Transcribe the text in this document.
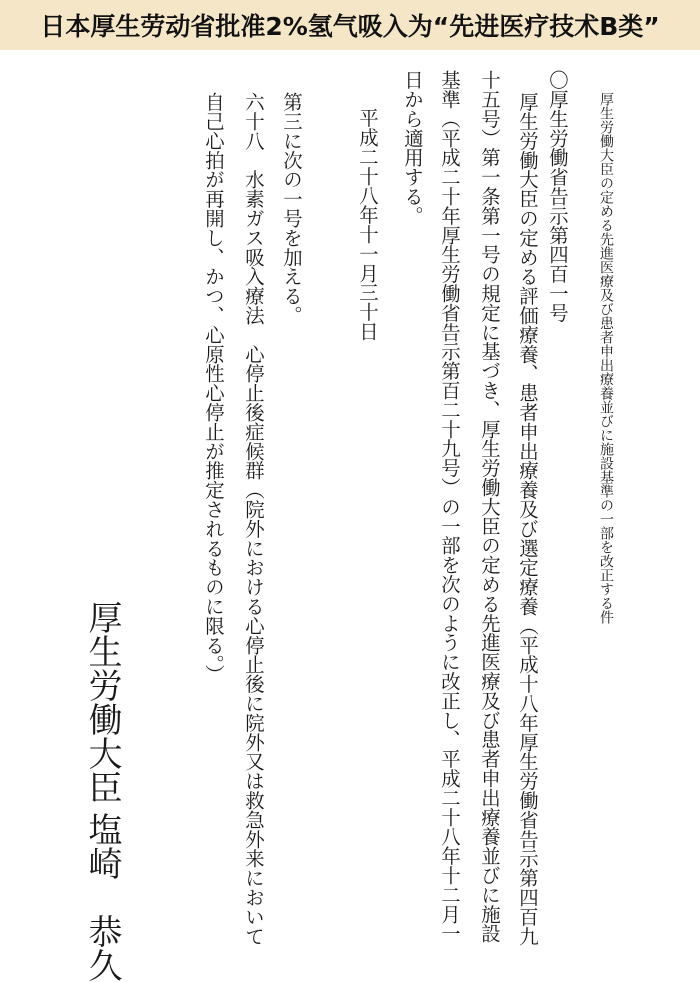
日本厚生劳动省批准2%氢气吸入为“先进医疗技术B类”
厚生労働大臣の定める先進医療及び患者申出療養並びに施設基準の一部を改正する件
〇厚生労働省告示第四百一号
厚生労働大臣の定める評価療養、患者申出療養及び選定療養（平成十八年厚生労働省告示第四百九
十五号）第一条第一号の規定に基づき、厚生労働大臣の定める先進医療及び患者申出療養並びに施設
基準（平成二十年厚生労働省告示第百二十九号）の一部を次のように改正し、平成二十八年十二月一
日から適用する。
平成二十八年十一月三十日
第三に次の一号を加える。
六十八　水素ガス吸入療法　心停止後症候群（院外における心停止後に院外又は救急外来において
自己心拍が再開し、かつ、心原性心停止が推定されるものに限る。）
厚生労働大臣
塩崎　恭久
